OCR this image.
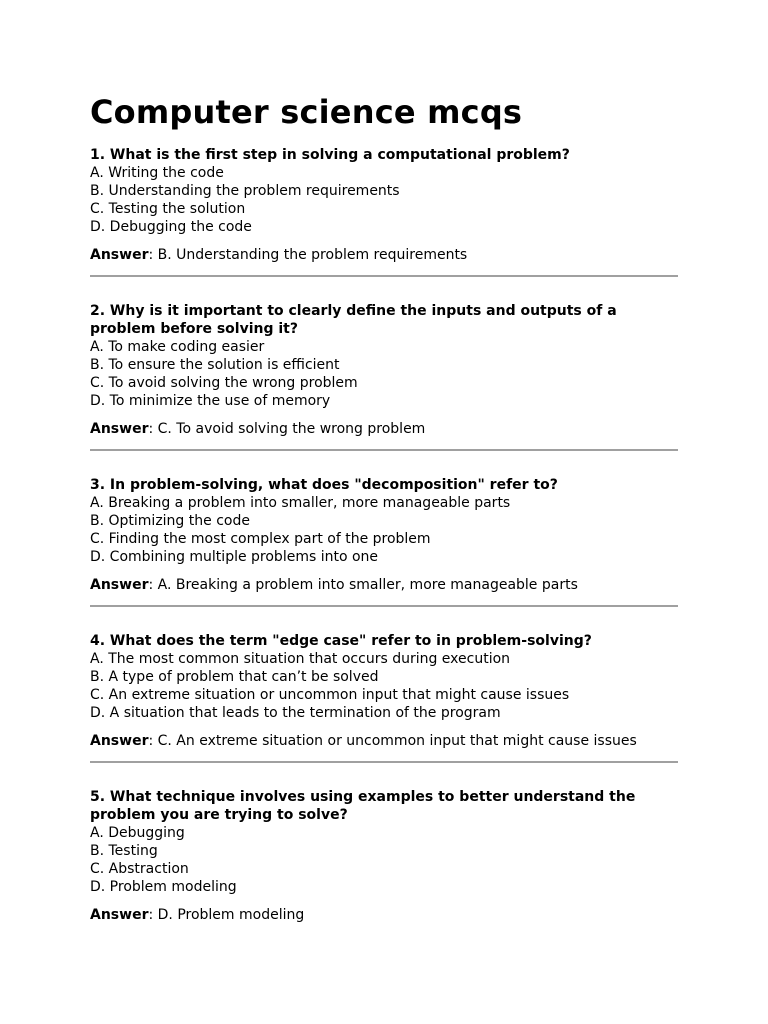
Computer science mcqs

1. What is the first step in solving a computational problem?

A. Writing the code
B. Understanding the problem requirements
C. Testing the solution
D. Debugging the code

Answer: B. Understanding the problem requirements

2. Why is it important to clearly define the inputs and outputs of a problem before solving it?

A. To make coding easier
B. To ensure the solution is efficient
C. To avoid solving the wrong problem
D. To minimize the use of memory

Answer: C. To avoid solving the wrong problem

3. In problem-solving, what does "decomposition" refer to?

A. Breaking a problem into smaller, more manageable parts
B. Optimizing the code
C. Finding the most complex part of the problem
D. Combining multiple problems into one

Answer: A. Breaking a problem into smaller, more manageable parts

4. What does the term "edge case" refer to in problem-solving?

A. The most common situation that occurs during execution
B. A type of problem that can’t be solved
C. An extreme situation or uncommon input that might cause issues
D. A situation that leads to the termination of the program

Answer: C. An extreme situation or uncommon input that might cause issues

5. What technique involves using examples to better understand the problem you are trying to solve?

A. Debugging
B. Testing
C. Abstraction
D. Problem modeling

Answer: D. Problem modeling
